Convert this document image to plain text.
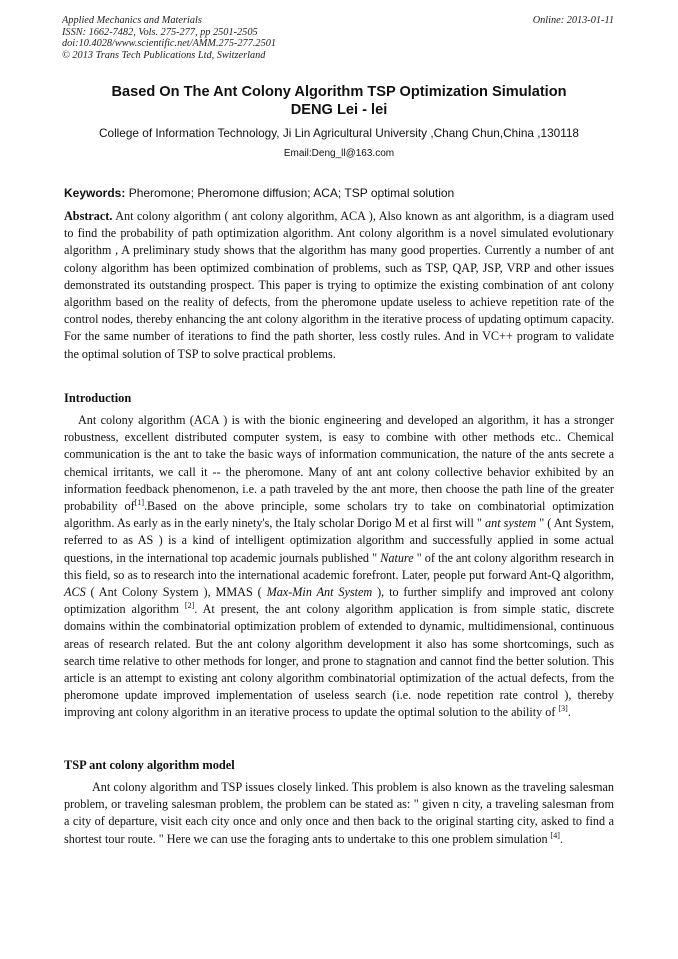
Applied Mechanics and Materials
ISSN: 1662-7482, Vols. 275-277, pp 2501-2505
doi:10.4028/www.scientific.net/AMM.275-277.2501
© 2013 Trans Tech Publications Ltd, Switzerland
Online: 2013-01-11
Based On The Ant Colony Algorithm TSP Optimization Simulation
DENG Lei - lei
College of Information Technology, Ji Lin Agricultural University ,Chang Chun,China ,130118
Email:Deng_ll@163.com
Keywords: Pheromone; Pheromone diffusion; ACA; TSP optimal solution

Abstract. Ant colony algorithm ( ant colony algorithm, ACA ), Also known as ant algorithm, is a diagram used to find the probability of path optimization algorithm. Ant colony algorithm is a novel simulated evolutionary algorithm , A preliminary study shows that the algorithm has many good properties. Currently a number of ant colony algorithm has been optimized combination of problems, such as TSP, QAP, JSP, VRP and other issues demonstrated its outstanding prospect. This paper is trying to optimize the existing combination of ant colony algorithm based on the reality of defects, from the pheromone update useless to achieve repetition rate of the control nodes, thereby enhancing the ant colony algorithm in the iterative process of updating optimum capacity. For the same number of iterations to find the path shorter, less costly rules. And in VC++ program to validate the optimal solution of TSP to solve practical problems.

Introduction

Ant colony algorithm (ACA ) is with the bionic engineering and developed an algorithm, it has a stronger robustness, excellent distributed computer system, is easy to combine with other methods etc.. Chemical communication is the ant to take the basic ways of information communication, the nature of the ants secrete a chemical irritants, we call it -- the pheromone. Many of ant ant colony collective behavior exhibited by an information feedback phenomenon, i.e. a path traveled by the ant more, then choose the path line of the greater probability of[1].Based on the above principle, some scholars try to take on combinatorial optimization algorithm. As early as in the early ninety's, the Italy scholar Dorigo M et al first will " ant system " ( Ant System, referred to as AS ) is a kind of intelligent optimization algorithm and successfully applied in some actual questions, in the international top academic journals published " Nature " of the ant colony algorithm research in this field, so as to research into the international academic forefront. Later, people put forward Ant-Q algorithm, ACS ( Ant Colony System ), MMAS ( Max-Min Ant System ), to further simplify and improved ant colony optimization algorithm [2]. At present, the ant colony algorithm application is from simple static, discrete domains within the combinatorial optimization problem of extended to dynamic, multidimensional, continuous areas of research related. But the ant colony algorithm development it also has some shortcomings, such as search time relative to other methods for longer, and prone to stagnation and cannot find the better solution. This article is an attempt to existing ant colony algorithm combinatorial optimization of the actual defects, from the pheromone update improved implementation of useless search (i.e. node repetition rate control ), thereby improving ant colony algorithm in an iterative process to update the optimal solution to the ability of [3].

TSP ant colony algorithm model

Ant colony algorithm and TSP issues closely linked. This problem is also known as the traveling salesman problem, or traveling salesman problem, the problem can be stated as: " given n city, a traveling salesman from a city of departure, visit each city once and only once and then back to the original starting city, asked to find a shortest tour route. " Here we can use the foraging ants to undertake to this one problem simulation [4].
